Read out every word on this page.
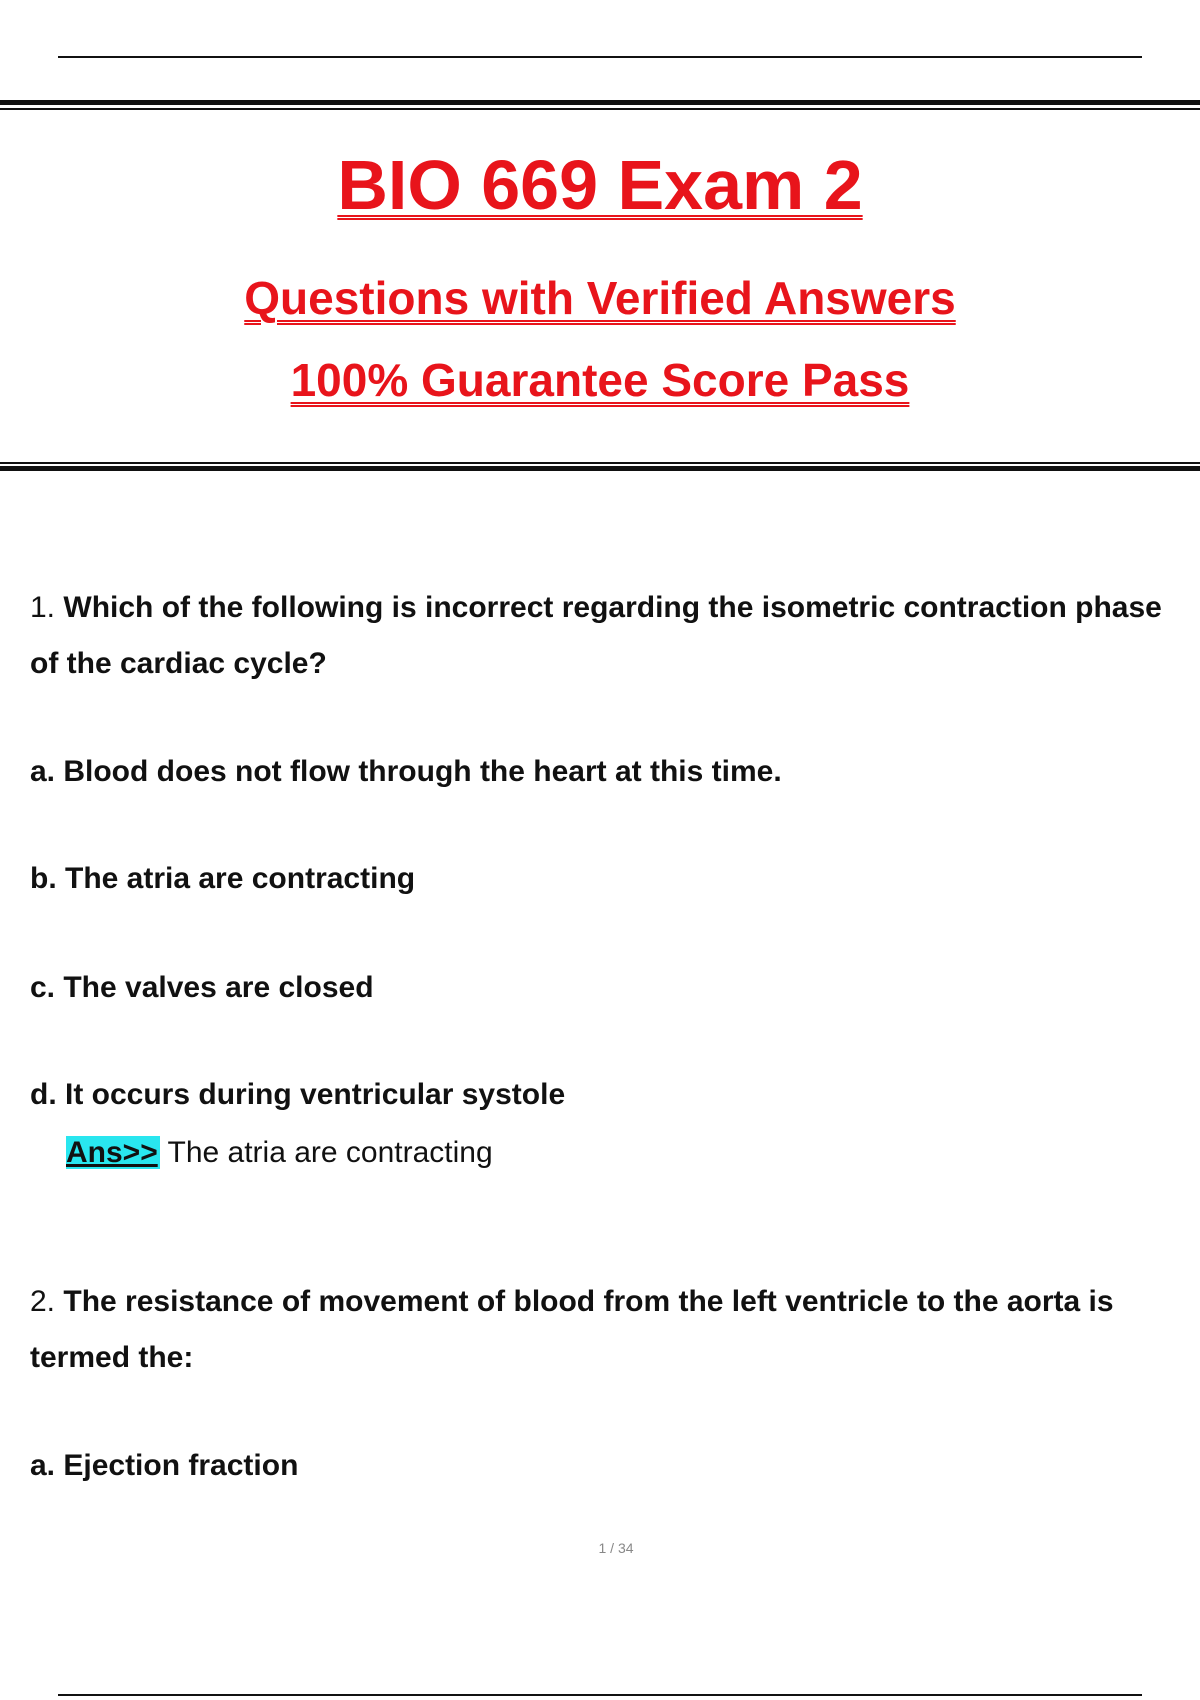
BIO 669 Exam 2
Questions with Verified Answers
100% Guarantee Score Pass

1. Which of the following is incorrect regarding the isometric contraction phase of the cardiac cycle?

a. Blood does not flow through the heart at this time.

b. The atria are contracting

c. The valves are closed

d. It occurs during ventricular systole

Ans>> The atria are contracting

2. The resistance of movement of blood from the left ventricle to the aorta is termed the:

a. Ejection fraction

1 / 34
